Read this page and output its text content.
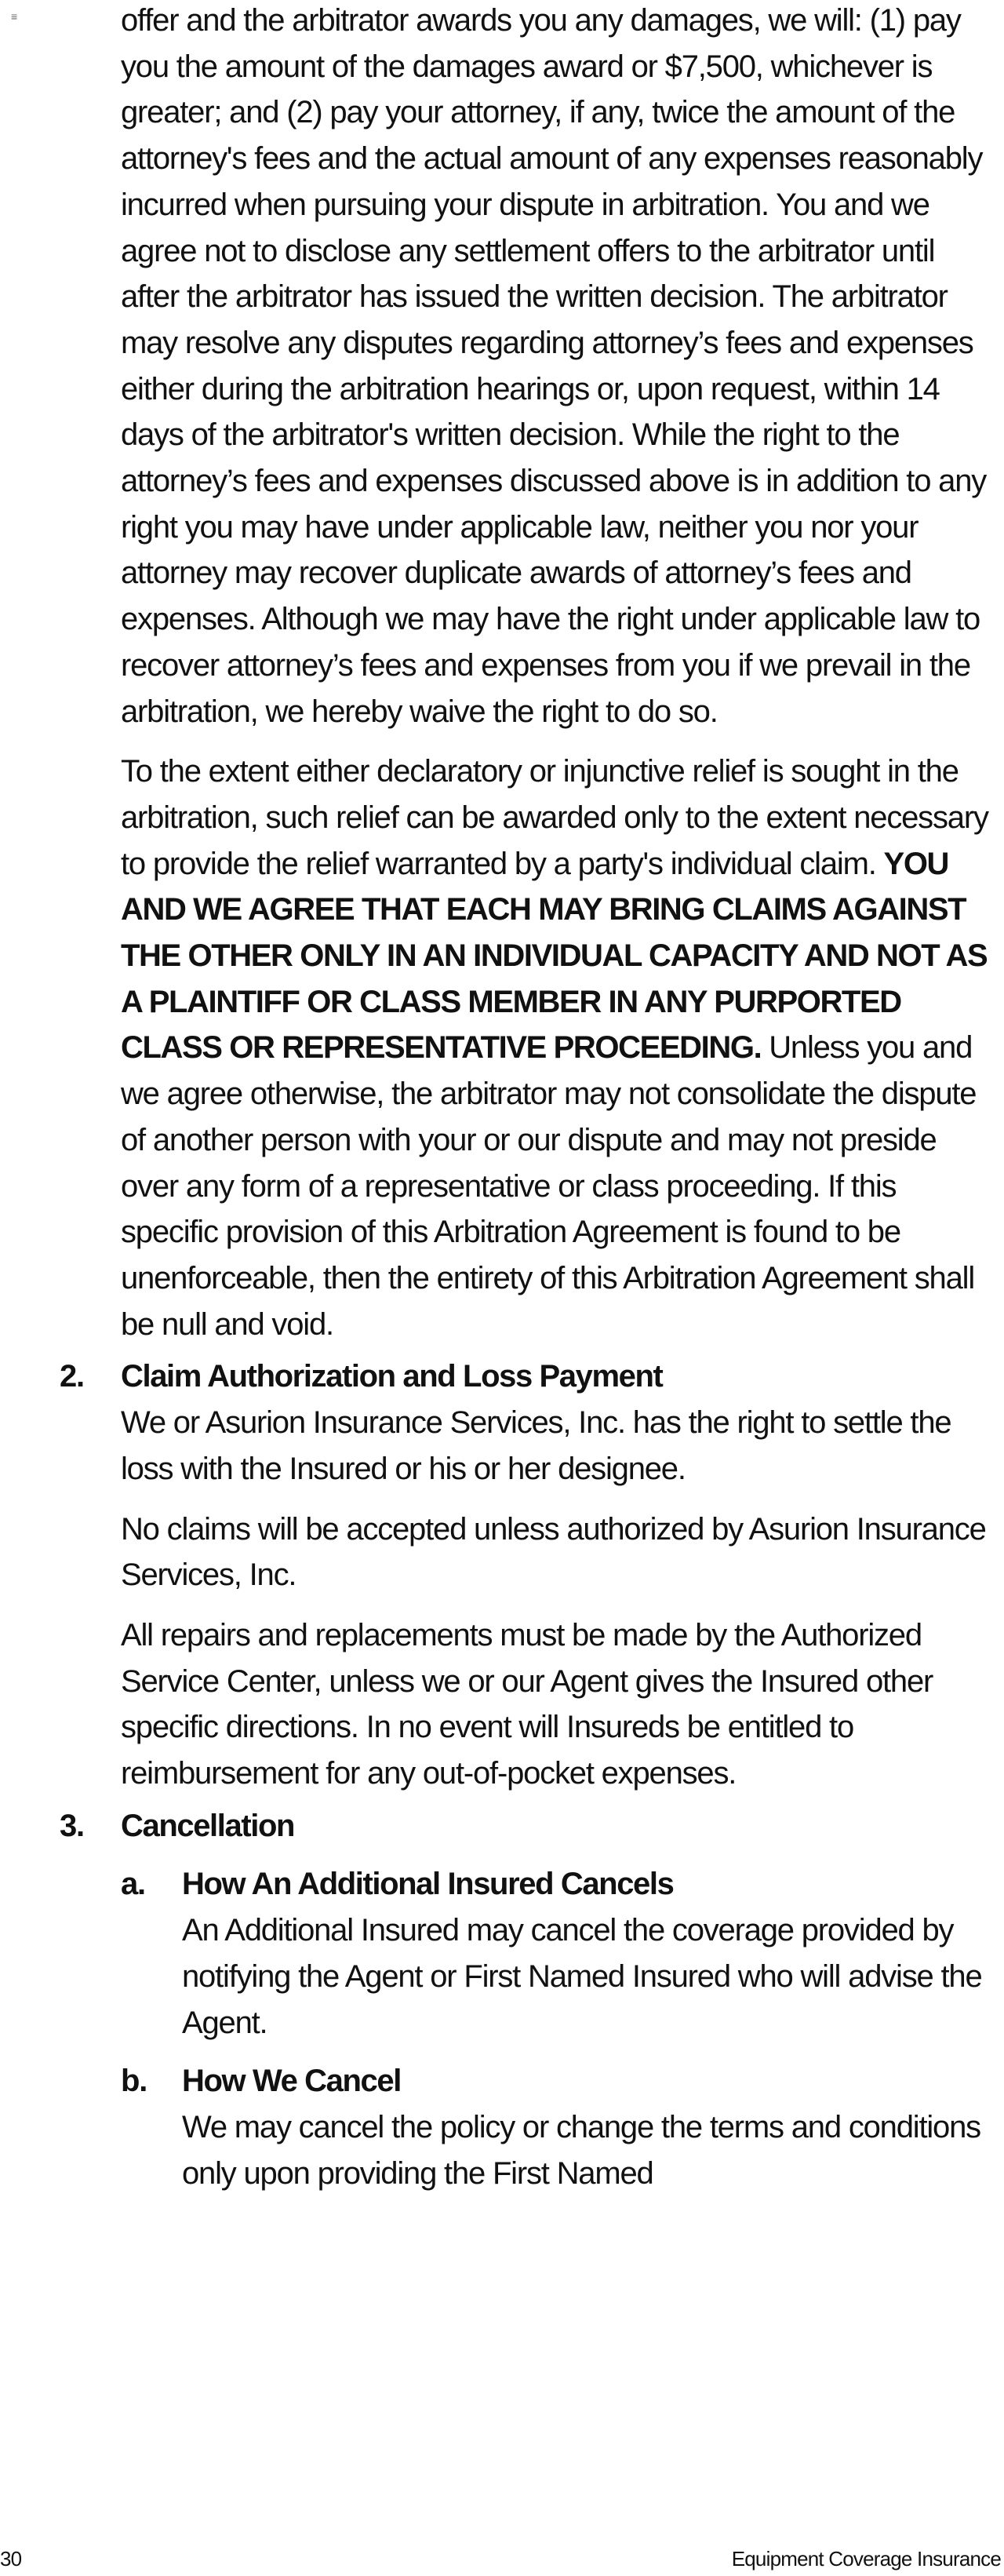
≡	offer and the arbitrator awards you any damages, we will: (1) pay you the amount of the damages award or $7,500, whichever is greater; and (2) pay your attorney, if any, twice the amount of the attorney's fees and the actual amount of any expenses reasonably incurred when pursuing your dispute in arbitration. You and we agree not to disclose any settlement offers to the arbitrator until after the arbitrator has issued the written decision. The arbitrator may resolve any disputes regarding attorney’s fees and expenses either during the arbitration hearings or, upon request, within 14 days of the arbitrator's written decision. While the right to the attorney’s fees and expenses discussed above is in addition to any right you may have under applicable law, neither you nor your attorney may recover duplicate awards of attorney’s fees and expenses. Although we may have the right under applicable law to recover attorney’s fees and expenses from you if we prevail in the arbitration, we hereby waive the right to do so.

To the extent either declaratory or injunctive relief is sought in the arbitration, such relief can be awarded only to the extent necessary to provide the relief warranted by a party's individual claim. YOU AND WE AGREE THAT EACH MAY BRING CLAIMS AGAINST THE OTHER ONLY IN AN INDIVIDUAL CAPACITY AND NOT AS A PLAINTIFF OR CLASS MEMBER IN ANY PURPORTED CLASS OR REPRESENTATIVE PROCEEDING. Unless you and we agree otherwise, the arbitrator may not consolidate the dispute of another person with your or our dispute and may not preside over any form of a representative or class proceeding. If this specific provision of this Arbitration Agreement is found to be unenforceable, then the entirety of this Arbitration Agreement shall be null and void.

2. Claim Authorization and Loss Payment

We or Asurion Insurance Services, Inc. has the right to settle the loss with the Insured or his or her designee.

No claims will be accepted unless authorized by Asurion Insurance Services, Inc.

All repairs and replacements must be made by the Authorized Service Center, unless we or our Agent gives the Insured other specific directions. In no event will Insureds be entitled to reimbursement for any out-of-pocket expenses.

3. Cancellation

a. How An Additional Insured Cancels

An Additional Insured may cancel the coverage provided by notifying the Agent or First Named Insured who will advise the Agent.

b. How We Cancel

We may cancel the policy or change the terms and conditions only upon providing the First Named

30	Equipment Coverage Insurance
